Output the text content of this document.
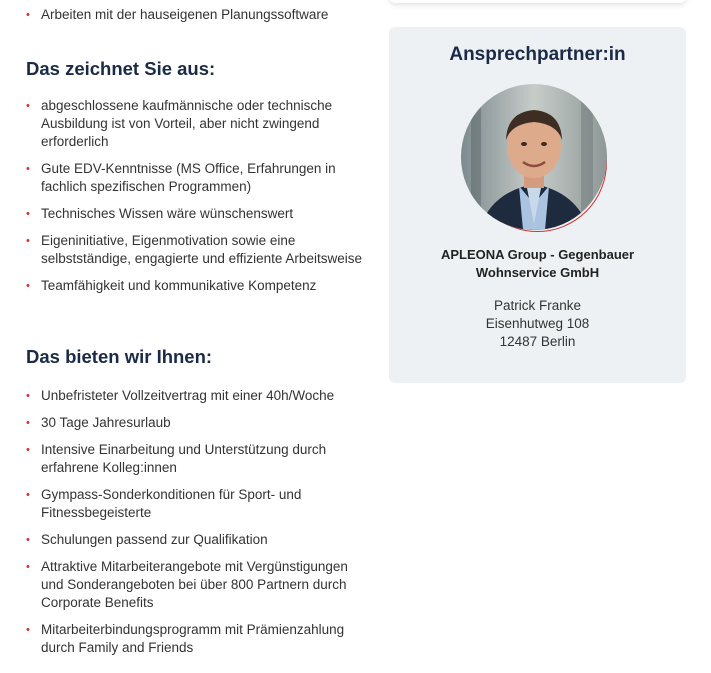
• Arbeiten mit der hauseigenen Planungssoftware
Das zeichnet Sie aus:
• abgeschlossene kaufmännische oder technische Ausbildung ist von Vorteil, aber nicht zwingend erforderlich
• Gute EDV-Kenntnisse (MS Office, Erfahrungen in fachlich spezifischen Programmen)
• Technisches Wissen wäre wünschenswert
• Eigeninitiative, Eigenmotivation sowie eine selbstständige, engagierte und effiziente Arbeitsweise
• Teamfähigkeit und kommunikative Kompetenz
Das bieten wir Ihnen:
• Unbefristeter Vollzeitvertrag mit einer 40h/Woche
• 30 Tage Jahresurlaub
• Intensive Einarbeitung und Unterstützung durch erfahrene Kolleg:innen
• Gympass-Sonderkonditionen für Sport- und Fitnessbegeisterte
• Schulungen passend zur Qualifikation
• Attraktive Mitarbeiterangebote mit Vergünstigungen und Sonderangeboten bei über 800 Partnern durch Corporate Benefits
• Mitarbeiterbindungsprogramm mit Prämienzahlung durch Family and Friends
Ansprechpartner:in
APLEONA Group - Gegenbauer
Wohnservice GmbH
Patrick Franke
Eisenhutweg 108
12487 Berlin
